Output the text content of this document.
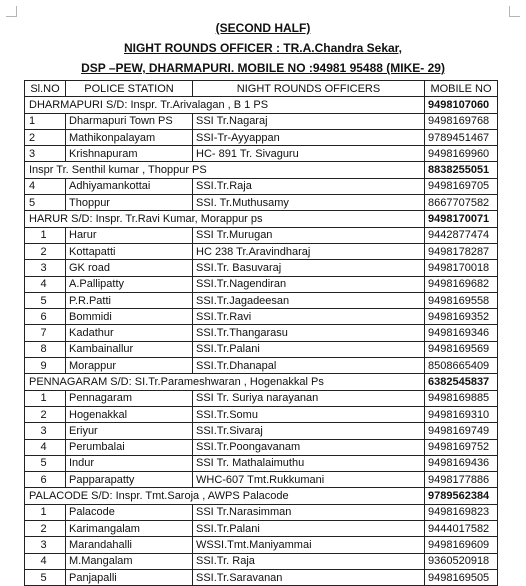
(SECOND HALF)
NIGHT ROUNDS OFFICER : TR.A.Chandra Sekar,
DSP –PEW, DHARMAPURI. MOBILE NO :94981 95488 (MIKE- 29)
Sl.NO	POLICE STATION	NIGHT ROUNDS OFFICERS	MOBILE NO
DHARMAPURI S/D: Inspr. Tr.Arivalagan , B 1 PS			9498107060
1	Dharmapuri Town PS	SSI Tr.Nagaraj	9498169768
2	Mathikonpalayam	SSI-Tr-Ayyappan	9789451467
3	Krishnapuram	HC- 891 Tr. Sivaguru	9498169960
Inspr Tr. Senthil kumar , Thoppur PS			8838255051
4	Adhiyamankottai	SSI.Tr.Raja	9498169705
5	Thoppur	SSI. Tr.Muthusamy	8667707582
HARUR S/D: Inspr. Tr.Ravi Kumar, Morappur ps			9498170071
1	Harur	SSI Tr.Murugan	9442877474
2	Kottapatti	HC 238 Tr.Aravindharaj	9498178287
3	GK road	SSI.Tr. Basuvaraj	9498170018
4	A.Pallipatty	SSI.Tr.Nagendiran	9498169682
5	P.R.Patti	SSI.Tr.Jagadeesan	9498169558
6	Bommidi	SSI.Tr.Ravi	9498169352
7	Kadathur	SSI.Tr.Thangarasu	9498169346
8	Kambainallur	SSI.Tr.Palani	9498169569
9	Morappur	SSI.Tr.Dhanapal	8508665409
PENNAGARAM S/D: SI.Tr.Parameshwaran , Hogenakkal Ps			6382545837
1	Pennagaram	SSI Tr. Suriya narayanan	9498169885
2	Hogenakkal	SSI.Tr.Somu	9498169310
3	Eriyur	SSI.Tr.Sivaraj	9498169749
4	Perumbalai	SSI.Tr.Poongavanam	9498169752
5	Indur	SSI Tr. Mathalaimuthu	9498169436
6	Papparapatty	WHC-607 Tmt.Rukkumani	9498177886
PALACODE S/D: Inspr. Tmt.Saroja , AWPS Palacode			9789562384
1	Palacode	SSI Tr.Narasimman	9498169823
2	Karimangalam	SSI.Tr.Palani	9444017582
3	Marandahalli	WSSI.Tmt.Maniyammai	9498169609
4	M.Mangalam	SSI.Tr. Raja	9360520918
5	Panjapalli	SSI.Tr.Saravanan	9498169505
